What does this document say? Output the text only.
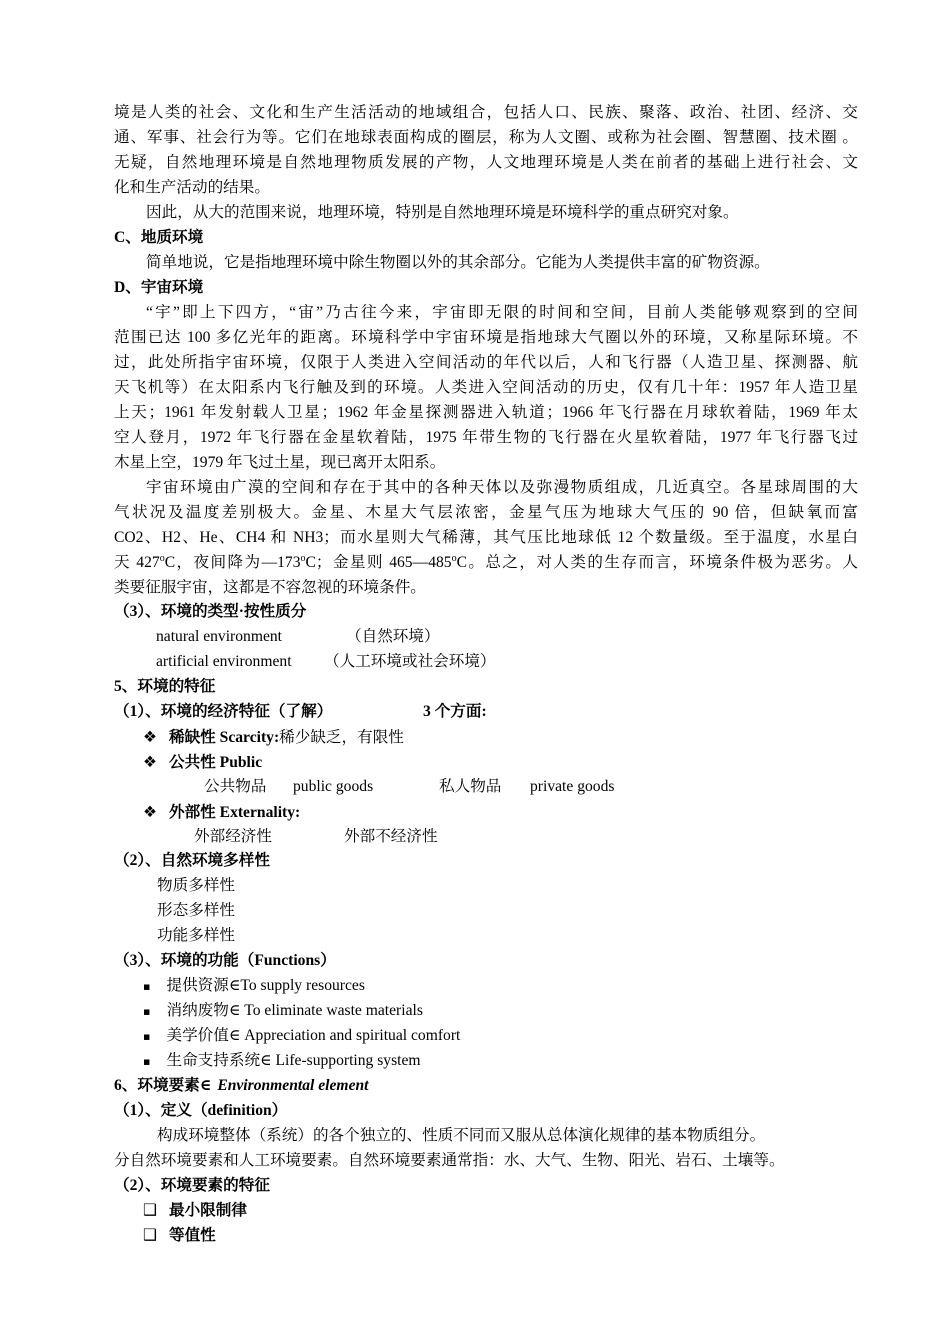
境是人类的社会、文化和生产生活活动的地域组合，包括人口、民族、聚落、政治、社团、经济、交
通、军事、社会行为等。它们在地球表面构成的圈层，称为人文圈、或称为社会圈、智慧圈、技术圈 。
无疑，自然地理环境是自然地理物质发展的产物，人文地理环境是人类在前者的基础上进行社会、文
化和生产活动的结果。
因此，从大的范围来说，地理环境，特别是自然地理环境是环境科学的重点研究对象。
C、地质环境
简单地说，它是指地理环境中除生物圈以外的其余部分。它能为人类提供丰富的矿物资源。
D、宇宙环境
“宇”即上下四方，“宙”乃古往今来，宇宙即无限的时间和空间，目前人类能够观察到的空间
范围已达 100 多亿光年的距离。环境科学中宇宙环境是指地球大气圈以外的环境，又称星际环境。不
过，此处所指宇宙环境，仅限于人类进入空间活动的年代以后，人和飞行器（人造卫星、探测器、航
天飞机等）在太阳系内飞行触及到的环境。人类进入空间活动的历史，仅有几十年：1957 年人造卫星
上天；1961 年发射载人卫星；1962 年金星探测器进入轨道；1966 年飞行器在月球软着陆，1969 年太
空人登月，1972 年飞行器在金星软着陆，1975 年带生物的飞行器在火星软着陆，1977 年飞行器飞过
木星上空，1979 年飞过土星，现已离开太阳系。
宇宙环境由广漠的空间和存在于其中的各种天体以及弥漫物质组成，几近真空。各星球周围的大
气状况及温度差别极大。金星、木星大气层浓密，金星气压为地球大气压的 90 倍，但缺氧而富
CO2、H2、He、CH4 和 NH3；而水星则大气稀薄，其气压比地球低 12 个数量级。至于温度，水星白
天 427$^o$C，夜间降为—173$^o$C；金星则 465—485$^o$C。总之，对人类的生存而言，环境条件极为恶劣。人
类要征服宇宙，这都是不容忽视的环境条件。
（3）、环境的类型·按性质分
natural environment	（自然环境）
artificial environment （人工环境或社会环境）
5、环境的特征
（1）、环境的经济特征（了解）	3 个方面:
❖ 稀缺性 Scarcity:稀少缺乏，有限性
❖ 公共性 Public
公共物品 public goods	私人物品 private goods
❖ 外部性 Externality:
外部经济性	外部不经济性
（2）、自然环境多样性
物质多样性
形态多样性
功能多样性
（3）、环境的功能（Functions）
▪ 提供资源∈To supply resources
▪ 消纳废物∈ To eliminate waste materials
▪ 美学价值∈ Appreciation and spiritual comfort
▪ 生命支持系统∈ Life-supporting system
6、环境要素∈ Environmental element
（1）、定义（definition）
构成环境整体（系统）的各个独立的、性质不同而又服从总体演化规律的基本物质组分。
分自然环境要素和人工环境要素。自然环境要素通常指：水、大气、生物、阳光、岩石、土壤等。
（2）、环境要素的特征
❑ 最小限制律
❑ 等值性
